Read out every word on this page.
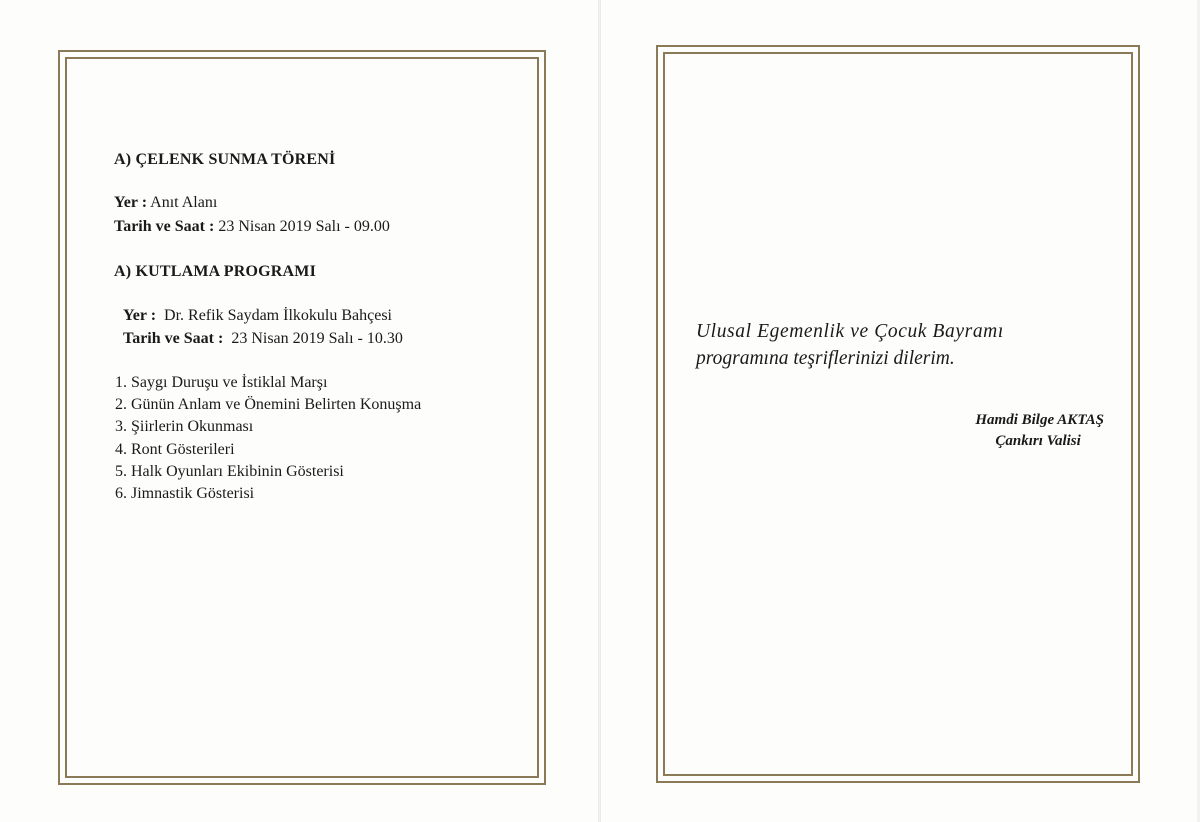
A) ÇELENK SUNMA TÖRENİ
Yer : Anıt Alanı
Tarih ve Saat : 23 Nisan 2019 Salı - 09.00
A) KUTLAMA PROGRAMI
Yer : Dr. Refik Saydam İlkokulu Bahçesi
Tarih ve Saat : 23 Nisan 2019 Salı - 10.30
1. Saygı Duruşu ve İstiklal Marşı
2. Günün Anlam ve Önemini Belirten Konuşma
3. Şiirlerin Okunması
4. Ront Gösterileri
5. Halk Oyunları Ekibinin Gösterisi
6. Jimnastik Gösterisi
Ulusal Egemenlik ve Çocuk Bayramı
programına teşriflerinizi dilerim.
Hamdi Bilge AKTAŞ
Çankırı Valisi
